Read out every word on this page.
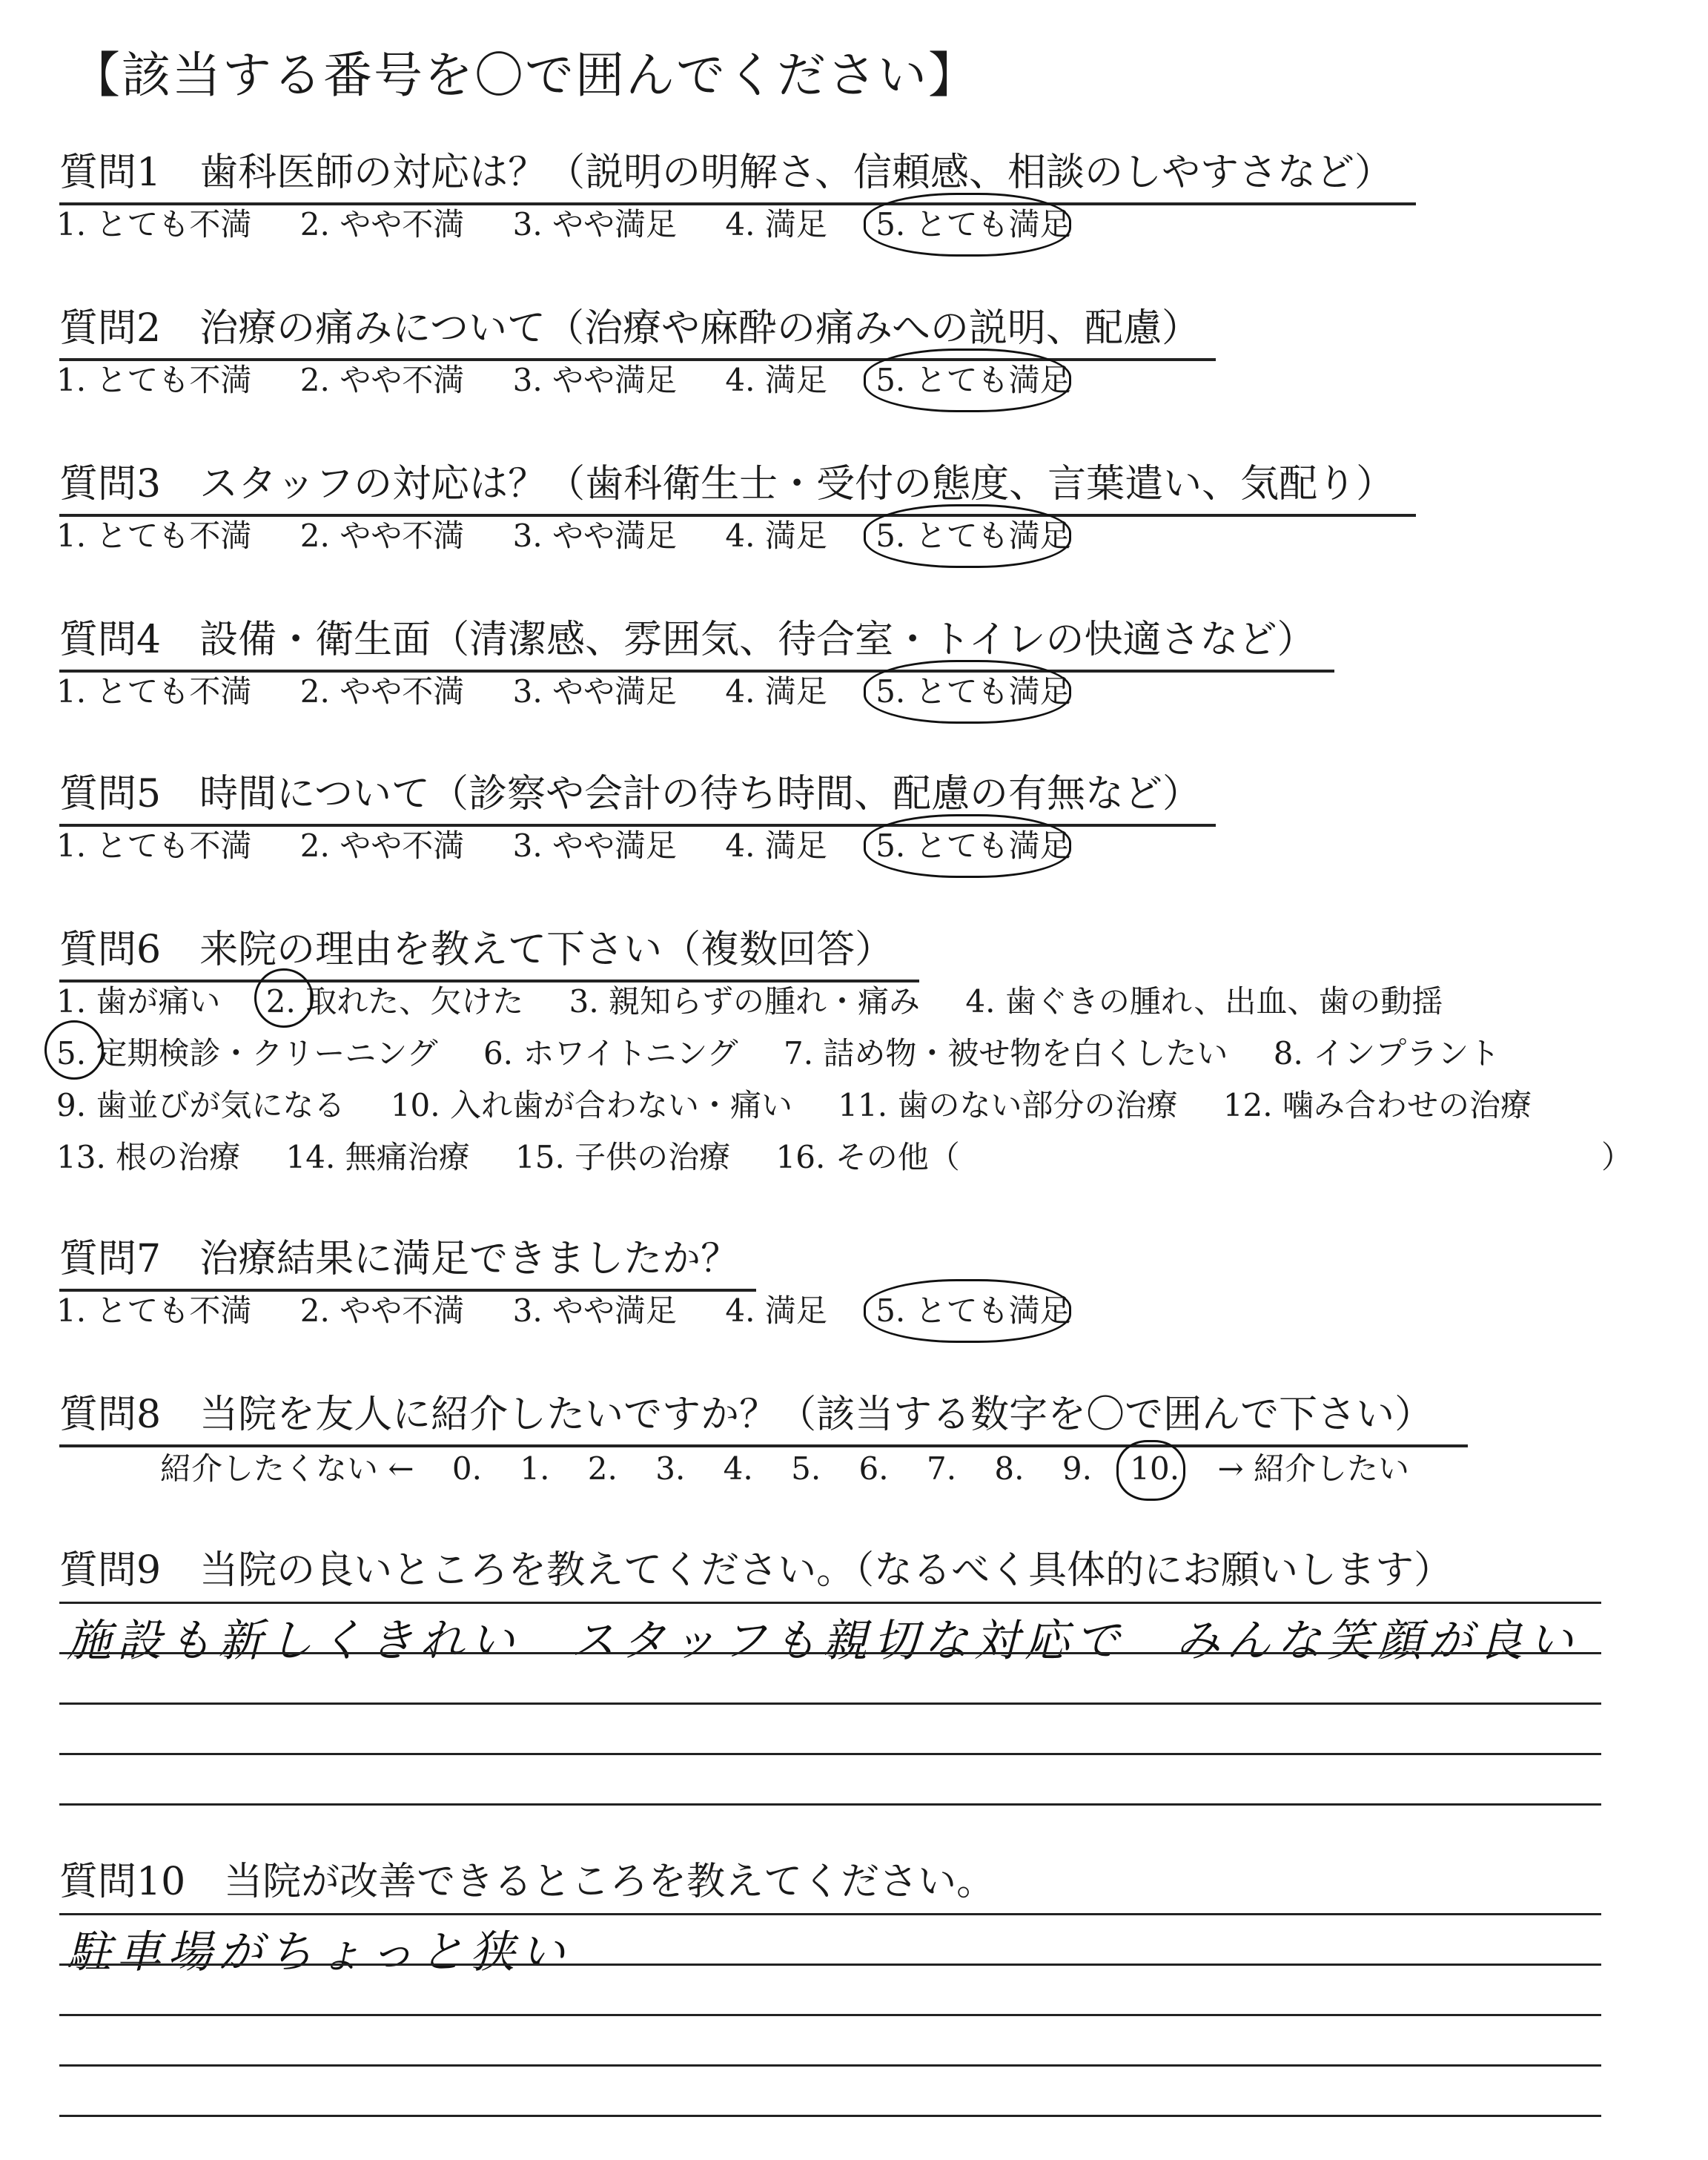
【該当する番号を〇で囲んでください】
質問1　歯科医師の対応は？（説明の明解さ、信頼感、相談のしやすさなど）
1. とても不満 2. やや不満 3. やや満足 4. 満足 5. とても満足
質問2　治療の痛みについて（治療や麻酔の痛みへの説明、配慮）
1. とても不満 2. やや不満 3. やや満足 4. 満足 5. とても満足
質問3　スタッフの対応は？（歯科衛生士・受付の態度、言葉遣い、気配り）
1. とても不満 2. やや不満 3. やや満足 4. 満足 5. とても満足
質問4　設備・衛生面（清潔感、雰囲気、待合室・トイレの快適さなど）
1. とても不満 2. やや不満 3. やや満足 4. 満足 5. とても満足
質問5　時間について（診察や会計の待ち時間、配慮の有無など）
1. とても不満 2. やや不満 3. やや満足 4. 満足 5. とても満足
質問6　来院の理由を教えて下さい（複数回答）
1. 歯が痛い 2. 取れた、欠けた 3. 親知らずの腫れ・痛み 4. 歯ぐきの腫れ、出血、歯の動揺
5. 定期検診・クリーニング 6. ホワイトニング 7. 詰め物・被せ物を白くしたい 8. インプラント
9. 歯並びが気になる 10. 入れ歯が合わない・痛い 11. 歯のない部分の治療 12. 噛み合わせの治療
13. 根の治療 14. 無痛治療 15. 子供の治療 16. その他（	）
質問7　治療結果に満足できましたか？
1. とても不満 2. やや不満 3. やや満足 4. 満足 5. とても満足
質問8　当院を友人に紹介したいですか？（該当する数字を〇で囲んで下さい）
紹介したくない ← 0. 1. 2. 3. 4. 5. 6. 7. 8. 9. 10. → 紹介したい
質問9　当院の良いところを教えてください。（なるべく具体的にお願いします）
施設も新しくきれい　スタッフも親切な対応で　みんな笑顔が良い
質問10　当院が改善できるところを教えてください。
駐車場がちょっと狭い
